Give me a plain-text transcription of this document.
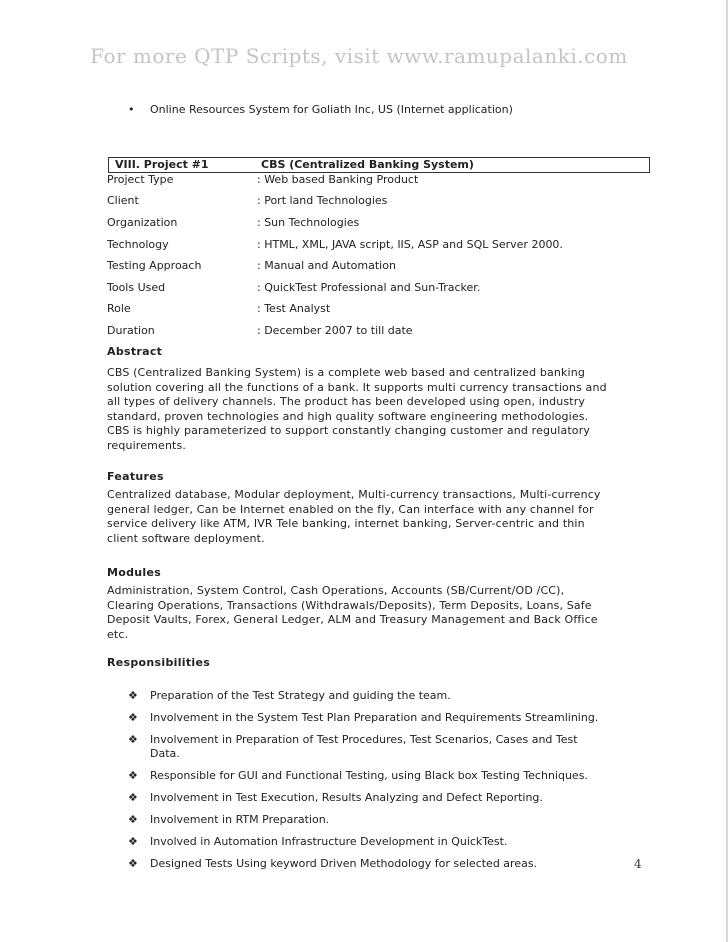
For more QTP Scripts, visit www.ramupalanki.com
• Online Resources System for Goliath Inc, US (Internet application)
VIII. Project #1	CBS (Centralized Banking System)
Project Type	: Web based Banking Product
Client	: Port land Technologies
Organization	: Sun Technologies
Technology	: HTML, XML, JAVA script, IIS, ASP and SQL Server 2000.
Testing Approach	: Manual and Automation
Tools Used	: QuickTest Professional and Sun-Tracker.
Role	: Test Analyst
Duration	: December 2007 to till date
Abstract
CBS (Centralized Banking System) is a complete web based and centralized banking
solution covering all the functions of a bank. It supports multi currency transactions and
all types of delivery channels. The product has been developed using open, industry
standard, proven technologies and high quality software engineering methodologies.
CBS is highly parameterized to support constantly changing customer and regulatory
requirements.
Features
Centralized database, Modular deployment, Multi-currency transactions, Multi-currency
general ledger, Can be Internet enabled on the fly, Can interface with any channel for
service delivery like ATM, IVR Tele banking, internet banking, Server-centric and thin
client software deployment.
Modules
Administration, System Control, Cash Operations, Accounts (SB/Current/OD /CC),
Clearing Operations, Transactions (Withdrawals/Deposits), Term Deposits, Loans, Safe
Deposit Vaults, Forex, General Ledger, ALM and Treasury Management and Back Office
etc.
Responsibilities
❖ Preparation of the Test Strategy and guiding the team.
❖ Involvement in the System Test Plan Preparation and Requirements Streamlining.
❖ Involvement in Preparation of Test Procedures, Test Scenarios, Cases and Test
Data.
❖ Responsible for GUI and Functional Testing, using Black box Testing Techniques.
❖ Involvement in Test Execution, Results Analyzing and Defect Reporting.
❖ Involvement in RTM Preparation.
❖ Involved in Automation Infrastructure Development in QuickTest.
❖ Designed Tests Using keyword Driven Methodology for selected areas.	4
